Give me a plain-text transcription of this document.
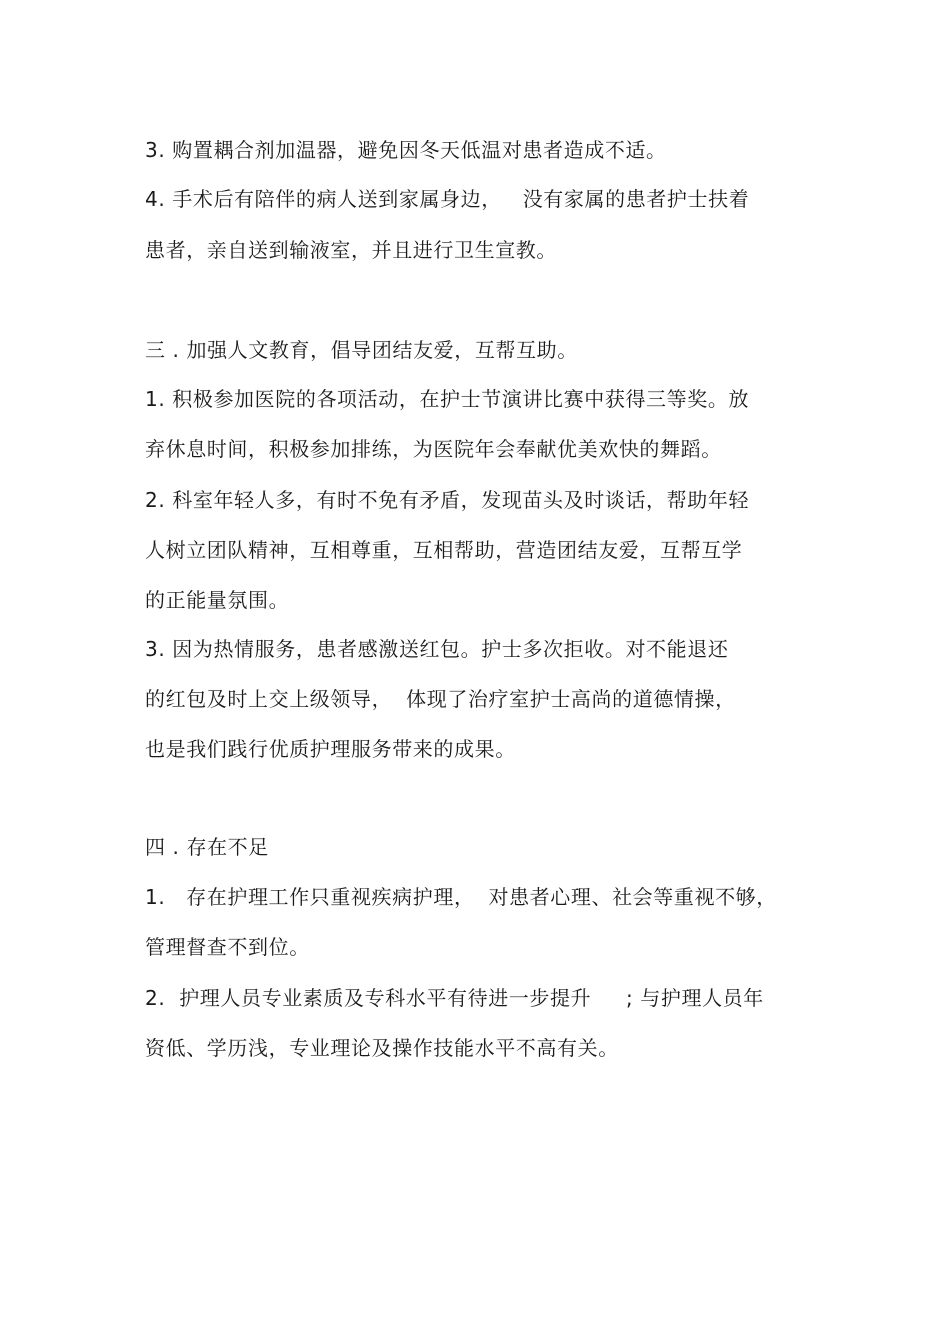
3. 购置耦合剂加温器，避免因冬天低温对患者造成不适。
4. 手术后有陪伴的病人送到家属身边，   没有家属的患者护士扶着
患者，亲自送到输液室，并且进行卫生宣教。
三 . 加强人文教育，倡导团结友爱，互帮互助。
1. 积极参加医院的各项活动，在护士节演讲比赛中获得三等奖。放
弃休息时间，积极参加排练，为医院年会奉献优美欢快的舞蹈。
2. 科室年轻人多，有时不免有矛盾，发现苗头及时谈话，帮助年轻
人树立团队精神，互相尊重，互相帮助，营造团结友爱，互帮互学
的正能量氛围。
3. 因为热情服务，患者感激送红包。护士多次拒收。对不能退还
的红包及时上交上级领导，  体现了治疗室护士高尚的道德情操，
也是我们践行优质护理服务带来的成果。
四 . 存在不足
1.   存在护理工作只重视疾病护理，  对患者心理、社会等重视不够，
管理督查不到位。
2.  护理人员专业素质及专科水平有待进一步提升     ; 与护理人员年
资低、学历浅，专业理论及操作技能水平不高有关。
